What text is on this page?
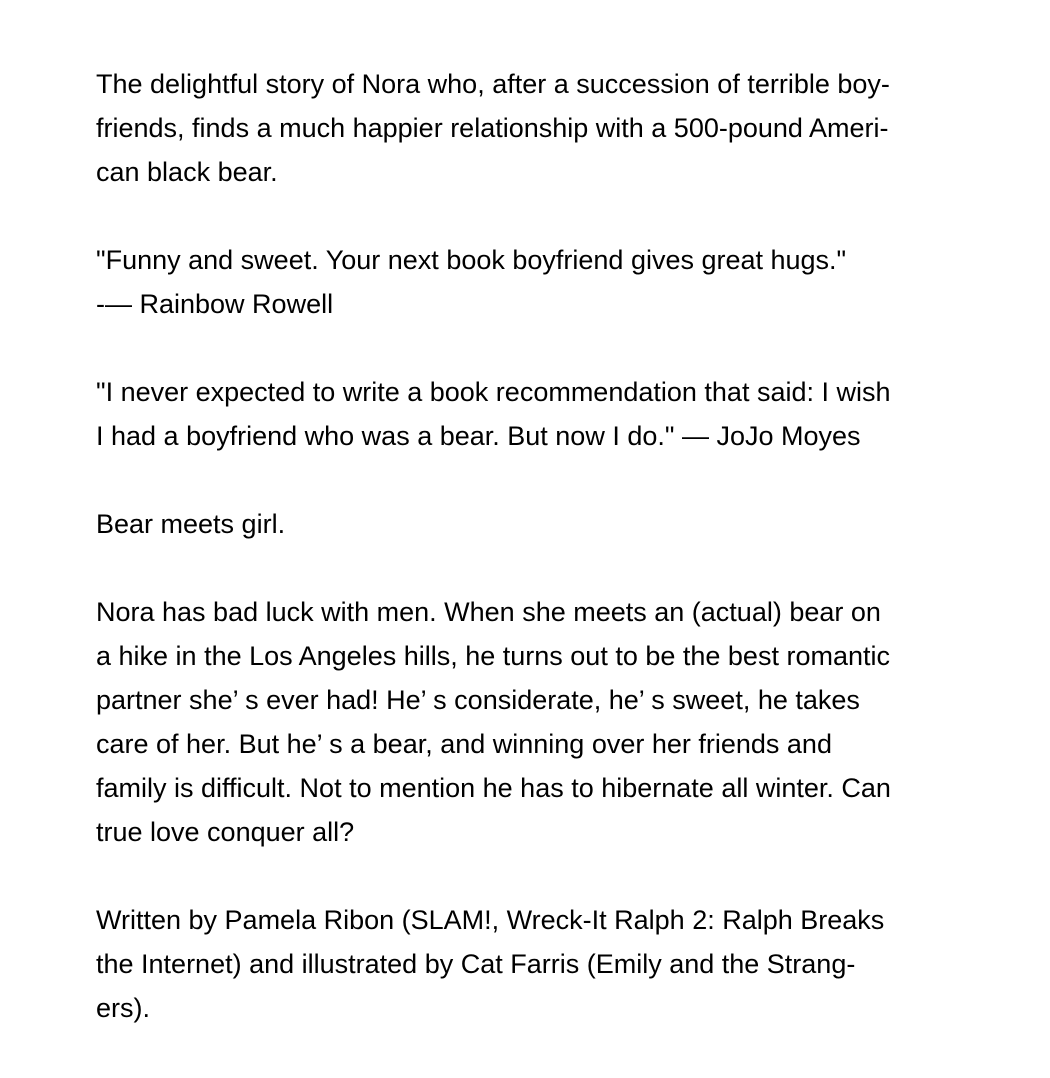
The delightful story of Nora who, after a succession of terrible boy-
friends, finds a much happier relationship with a 500-pound Ameri-
can black bear.

"Funny and sweet. Your next book boyfriend gives great hugs."
-— Rainbow Rowell

"I never expected to write a book recommendation that said: I wish
I had a boyfriend who was a bear. But now I do." — JoJo Moyes

Bear meets girl.

Nora has bad luck with men. When she meets an (actual) bear on
a hike in the Los Angeles hills, he turns out to be the best romantic
partner she’ s ever had! He’ s considerate, he’ s sweet, he takes
care of her. But he’ s a bear, and winning over her friends and
family is difficult. Not to mention he has to hibernate all winter. Can
true love conquer all?

Written by Pamela Ribon (SLAM!, Wreck-It Ralph 2: Ralph Breaks
the Internet) and illustrated by Cat Farris (Emily and the Strang-
ers).
